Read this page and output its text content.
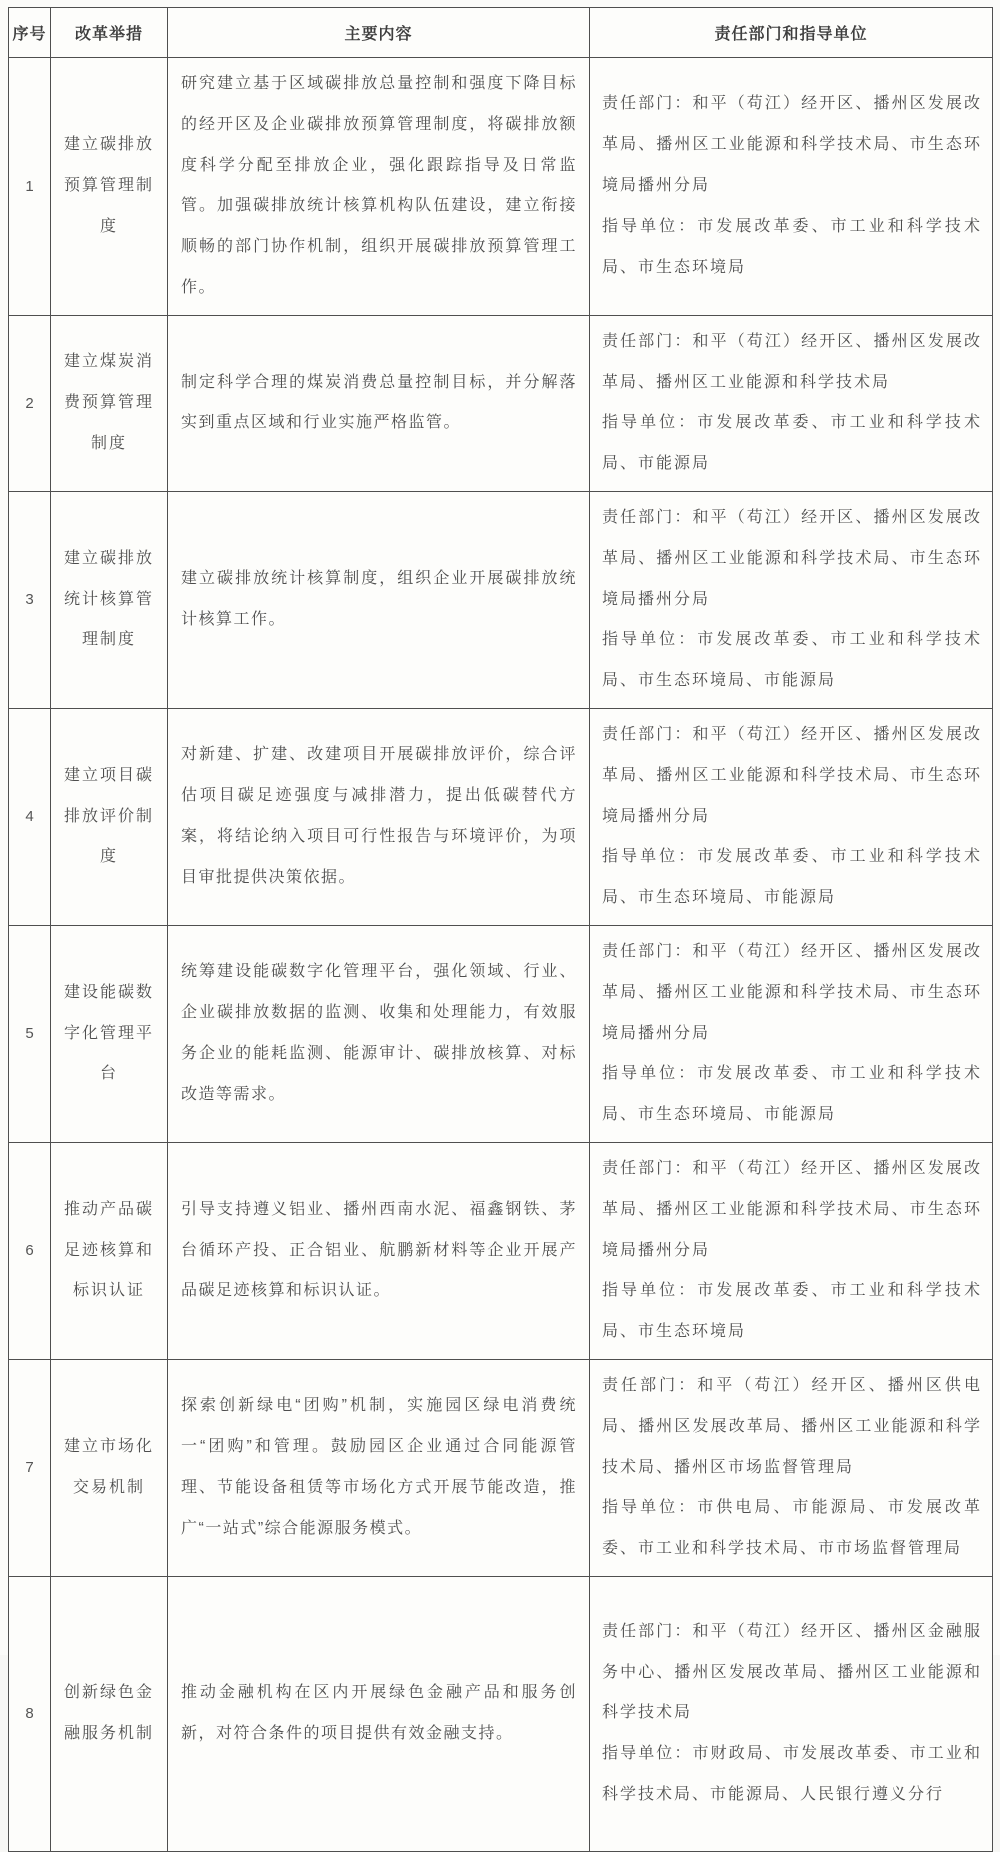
序号	改革举措	主要内容	责任部门和指导单位
1	建立碳排放预算管理制度	研究建立基于区域碳排放总量控制和强度下降目标的经开区及企业碳排放预算管理制度，将碳排放额度科学分配至排放企业，强化跟踪指导及日常监管。加强碳排放统计核算机构队伍建设，建立衔接顺畅的部门协作机制，组织开展碳排放预算管理工作。	责任部门：和平（苟江）经开区、播州区发展改革局、播州区工业能源和科学技术局、市生态环境局播州分局

指导单位：市发展改革委、市工业和科学技术局、市生态环境局

2	建立煤炭消费预算管理制度	制定科学合理的煤炭消费总量控制目标，并分解落实到重点区域和行业实施严格监管。	责任部门：和平（苟江）经开区、播州区发展改革局、播州区工业能源和科学技术局

指导单位：市发展改革委、市工业和科学技术局、市能源局

3	建立碳排放统计核算管理制度	建立碳排放统计核算制度，组织企业开展碳排放统计核算工作。	责任部门：和平（苟江）经开区、播州区发展改革局、播州区工业能源和科学技术局、市生态环境局播州分局

指导单位：市发展改革委、市工业和科学技术局、市生态环境局、市能源局

4	建立项目碳排放评价制度	对新建、扩建、改建项目开展碳排放评价，综合评估项目碳足迹强度与减排潜力，提出低碳替代方案，将结论纳入项目可行性报告与环境评价，为项目审批提供决策依据。	责任部门：和平（苟江）经开区、播州区发展改革局、播州区工业能源和科学技术局、市生态环境局播州分局

指导单位：市发展改革委、市工业和科学技术局、市生态环境局、市能源局

5	建设能碳数字化管理平台	统筹建设能碳数字化管理平台，强化领域、行业、企业碳排放数据的监测、收集和处理能力，有效服务企业的能耗监测、能源审计、碳排放核算、对标改造等需求。	责任部门：和平（苟江）经开区、播州区发展改革局、播州区工业能源和科学技术局、市生态环境局播州分局

指导单位：市发展改革委、市工业和科学技术局、市生态环境局、市能源局

6	推动产品碳足迹核算和标识认证	引导支持遵义铝业、播州西南水泥、福鑫钢铁、茅台循环产投、正合铝业、航鹏新材料等企业开展产品碳足迹核算和标识认证。	责任部门：和平（苟江）经开区、播州区发展改革局、播州区工业能源和科学技术局、市生态环境局播州分局

指导单位：市发展改革委、市工业和科学技术局、市生态环境局

7	建立市场化交易机制	探索创新绿电“团购”机制，实施园区绿电消费统一“团购”和管理。鼓励园区企业通过合同能源管理、节能设备租赁等市场化方式开展节能改造，推广“一站式”综合能源服务模式。	责任部门：和平（苟江）经开区、播州区供电局、播州区发展改革局、播州区工业能源和科学技术局、播州区市场监督管理局

指导单位：市供电局、市能源局、市发展改革委、市工业和科学技术局、市市场监督管理局

8	创新绿色金融服务机制	推动金融机构在区内开展绿色金融产品和服务创新，对符合条件的项目提供有效金融支持。	责任部门：和平（苟江）经开区、播州区金融服务中心、播州区发展改革局、播州区工业能源和科学技术局

指导单位：市财政局、市发展改革委、市工业和科学技术局、市能源局、人民银行遵义分行
